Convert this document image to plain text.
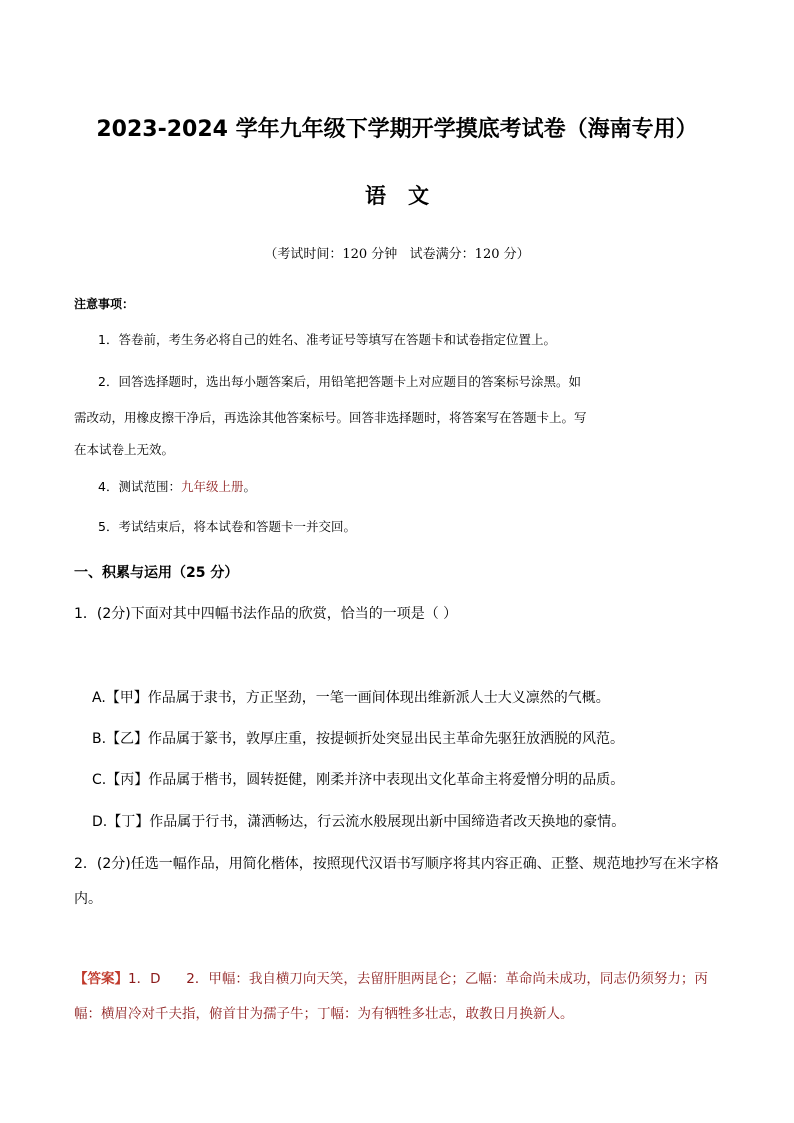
2023-2024 学年九年级下学期开学摸底考试卷（海南专用）
语   文
（考试时间：120 分钟   试卷满分：120 分）
注意事项：
1．答卷前，考生务必将自己的姓名、准考证号等填写在答题卡和试卷指定位置上。
2．回答选择题时，选出每小题答案后，用铅笔把答题卡上对应题目的答案标号涂黑。如
需改动，用橡皮擦干净后，再选涂其他答案标号。回答非选择题时，将答案写在答题卡上。写
在本试卷上无效。
4．测试范围：九年级上册。
5．考试结束后，将本试卷和答题卡一并交回。
一、积累与运用（25 分）
1．(2分)下面对其中四幅书法作品的欣赏，恰当的一项是（ ）
A.【甲】作品属于隶书，方正坚劲，一笔一画间体现出维新派人士大义凛然的气概。
B.【乙】作品属于篆书，敦厚庄重，按提顿折处突显出民主革命先驱狂放洒脱的风范。
C.【丙】作品属于楷书，圆转挺健，刚柔并济中表现出文化革命主将爱憎分明的品质。
D.【丁】作品属于行书，潇洒畅达，行云流水般展现出新中国缔造者改天换地的豪情。
2．(2分)任选一幅作品，用简化楷体，按照现代汉语书写顺序将其内容正确、正整、规范地抄写在米字格
内。
【答案】1．D      2．甲幅：我自横刀向天笑，去留肝胆两昆仑；乙幅：革命尚未成功，同志仍须努力；丙
幅：横眉冷对千夫指，俯首甘为孺子牛；丁幅：为有牺牲多壮志，敢教日月换新人。
